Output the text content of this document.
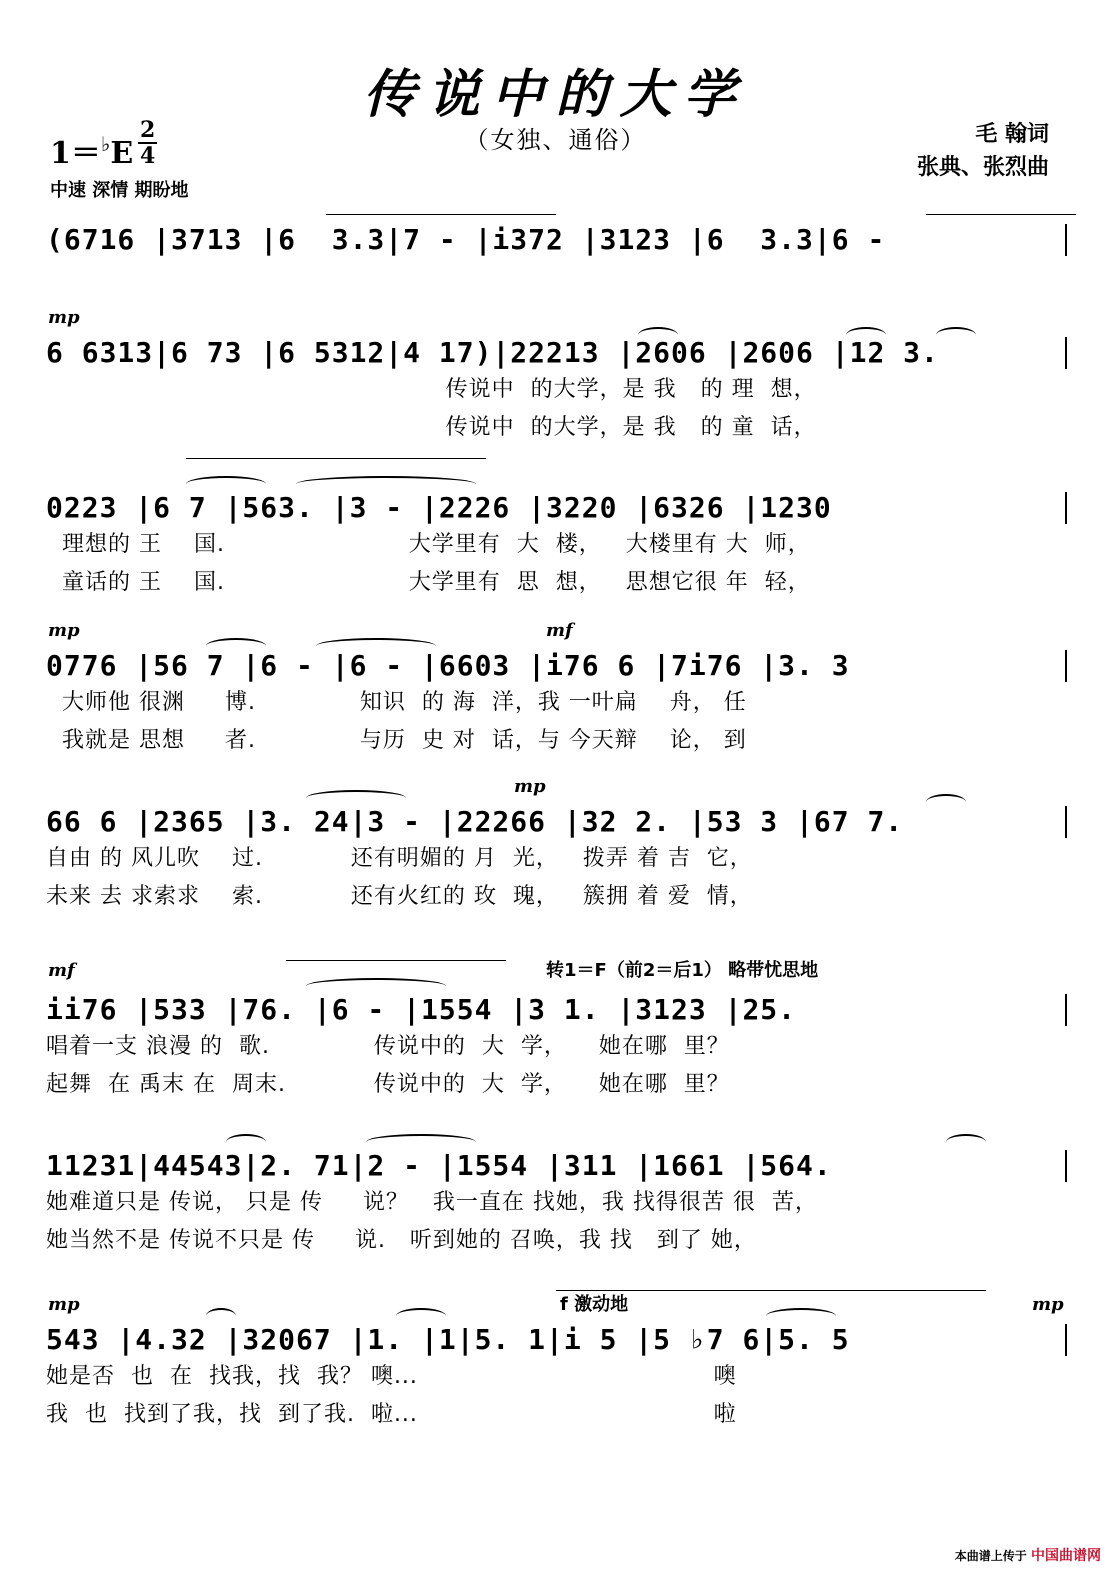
传说中的大学
（女独、通俗）
1＝♭E
2
4
中速 深情 期盼地
毛 翰词
张典、张烈曲
(6716 |3713 |6  3.3|7 - |i372 |3123 |6  3.3|6 -
mp
6 6313|6 73 |6 5312|4 17)|22213 |2606 |2606 |12 3.
传说中  的大学，是 我   的 理  想，
传说中  的大学，是 我   的 童  话，
0223 |6 7 |563. |3 - |2226 |3220 |6326 |1230
理想的 王    国.                       大学里有  大  楼，   大楼里有 大  师，
童话的 王    国.                       大学里有  思  想，   思想它很 年  轻，
mp	mf
0776 |56 7 |6 - |6 - |6603 |i76 6 |7i76 |3. 3
大师他 很渊     博.             知识  的 海  洋，我 一叶扁    舟， 任
我就是 思想     者.             与历  史 对  话，与 今天辩    论， 到
mp
66 6 |2365 |3. 24|3 - |22266 |32 2. |53 3 |67 7.
自由 的 风儿吹    过.           还有明媚的 月  光，   拨弄 着 吉  它，
未来 去 求索求    索.           还有火红的 玫  瑰，   簇拥 着 爱  情，
mf	转1＝F（前2＝后1） 略带忧思地
ii76 |533 |76. |6 - |1554 |3 1. |3123 |25.
唱着一支 浪漫 的  歌.             传说中的  大  学，    她在哪  里？
起舞  在 禹末 在  周末.           传说中的  大  学，    她在哪  里？
11231|44543|2. 71|2 - |1554 |311 |1661 |564.
她难道只是 传说， 只是 传     说？   我一直在 找她，我 找得很苦 很  苦，
她当然不是 传说不只是 传     说.   听到她的 召唤，我 找   到了 她，
mp	f 激动地	mp
543 |4.32 |32067 |1. |1|5. 1|i 5 |5 ♭7 6|5. 5
她是否  也  在  找我，找  我？ 噢...                                     噢
我  也  找到了我，找  到了我.  啦...                                     啦
本曲谱上传于 中国曲谱网
